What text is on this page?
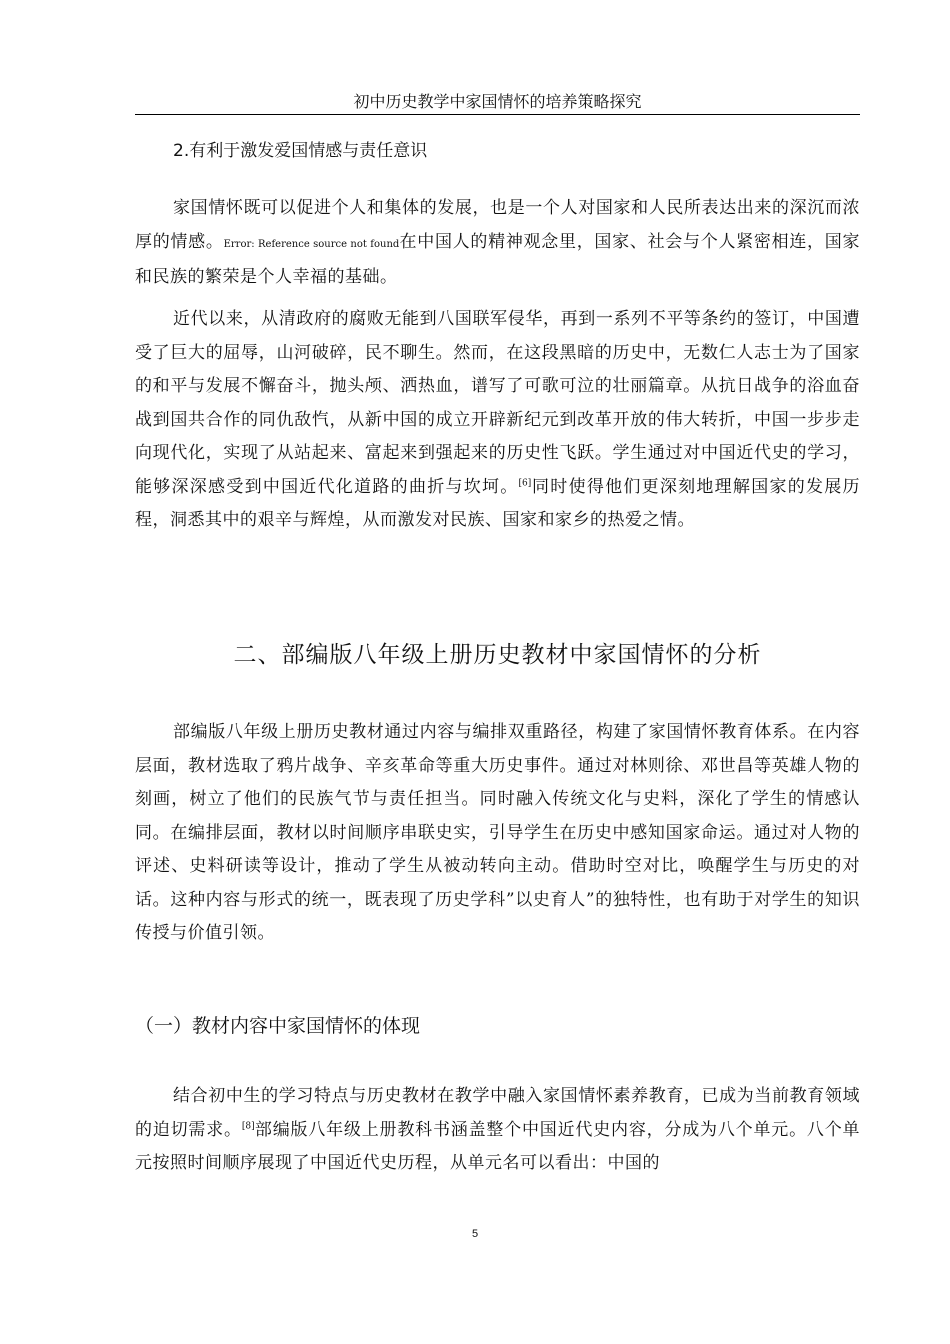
初中历史教学中家国情怀的培养策略探究
2.有利于激发爱国情感与责任意识

家国情怀既可以促进个人和集体的发展，也是一个人对国家和人民所表达出来的深沉而浓厚的情感。Error: Reference source not found在中国人的精神观念里，国家、社会与个人紧密相连，国家和民族的繁荣是个人幸福的基础。

近代以来，从清政府的腐败无能到八国联军侵华，再到一系列不平等条约的签订，中国遭受了巨大的屈辱，山河破碎，民不聊生。然而，在这段黑暗的历史中，无数仁人志士为了国家的和平与发展不懈奋斗，抛头颅、洒热血，谱写了可歌可泣的壮丽篇章。从抗日战争的浴血奋战到国共合作的同仇敌忾，从新中国的成立开辟新纪元到改革开放的伟大转折，中国一步步走向现代化，实现了从站起来、富起来到强起来的历史性飞跃。学生通过对中国近代史的学习，能够深深感受到中国近代化道路的曲折与坎坷。[6]同时使得他们更深刻地理解国家的发展历程，洞悉其中的艰辛与辉煌，从而激发对民族、国家和家乡的热爱之情。

二、部编版八年级上册历史教材中家国情怀的分析

部编版八年级上册历史教材通过内容与编排双重路径，构建了家国情怀教育体系。在内容层面，教材选取了鸦片战争、辛亥革命等重大历史事件。通过对林则徐、邓世昌等英雄人物的刻画，树立了他们的民族气节与责任担当。同时融入传统文化与史料，深化了学生的情感认同。在编排层面，教材以时间顺序串联史实，引导学生在历史中感知国家命运。通过对人物的评述、史料研读等设计，推动了学生从被动转向主动。借助时空对比，唤醒学生与历史的对话。这种内容与形式的统一，既表现了历史学科”以史育人”的独特性，也有助于对学生的知识传授与价值引领。

（一）教材内容中家国情怀的体现

结合初中生的学习特点与历史教材在教学中融入家国情怀素养教育，已成为当前教育领域的迫切需求。[8]部编版八年级上册教科书涵盖整个中国近代史内容，分成为八个单元。八个单元按照时间顺序展现了中国近代史历程，从单元名可以看出：中国的

5
